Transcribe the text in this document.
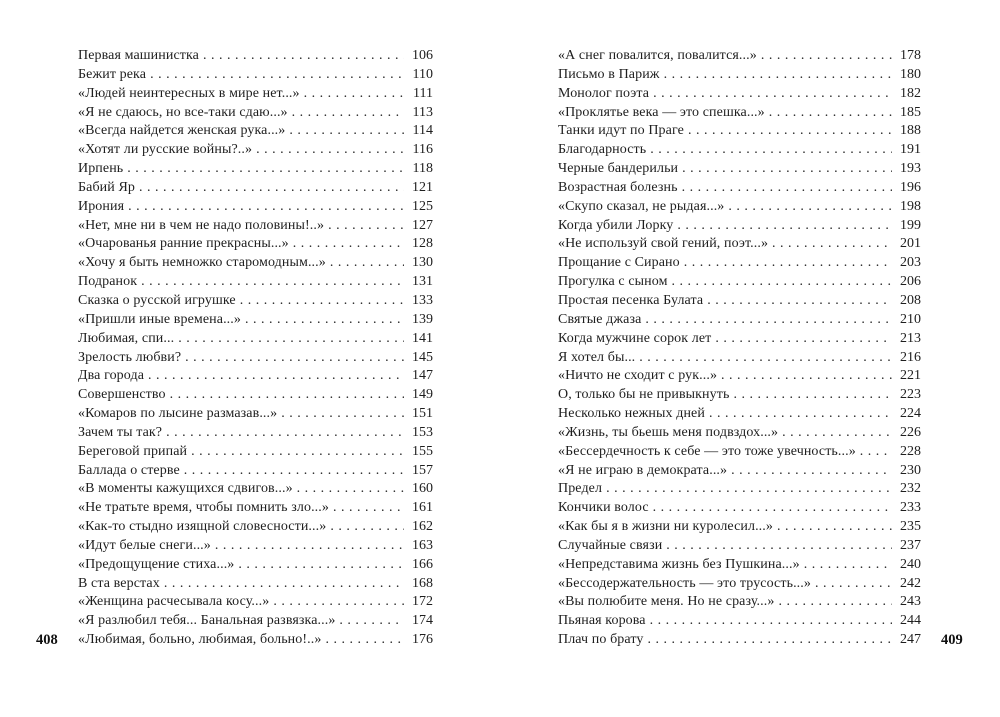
Первая машинистка .....	106
Бежит река .....	110
«Людей неинтересных в мире нет...» .....	111
«Я не сдаюсь, но все-таки сдаю...» .....	113
«Всегда найдется женская рука...» .....	114
«Хотят ли русские войны?..» .....	116
Ирпень .....	118
Бабий Яр .....	121
Ирония .....	125
«Нет, мне ни в чем не надо половины!..» .....	127
«Очарованья ранние прекрасны...» .....	128
«Хочу я быть немножко старомодным...» .....	130
Подранок .....	131
Сказка о русской игрушке .....	133
«Пришли иные времена...» .....	139
Любимая, спи... .....	141
Зрелость любви? .....	145
Два города .....	147
Совершенство .....	149
«Комаров по лысине размазав...» .....	151
Зачем ты так? .....	153
Береговой припай .....	155
Баллада о стерве .....	157
«В моменты кажущихся сдвигов...» .....	160
«Не тратьте время, чтобы помнить зло...» .....	161
«Как-то стыдно изящной словесности...» .....	162
«Идут белые снеги...» .....	163
«Предощущение стиха...» .....	166
В ста верстах .....	168
«Женщина расчесывала косу...» .....	172
«Я разлюбил тебя... Банальная развязка...» .....	174
«Любимая, больно, любимая, больно!..» .....	176
408
«А снег повалится, повалится...» .....	178
Письмо в Париж .....	180
Монолог поэта .....	182
«Проклятье века — это спешка...» .....	185
Танки идут по Праге .....	188
Благодарность .....	191
Черные бандерильи .....	193
Возрастная болезнь .....	196
«Скупо сказал, не рыдая...» .....	198
Когда убили Лорку .....	199
«Не используй свой гений, поэт...» .....	201
Прощание с Сирано .....	203
Прогулка с сыном .....	206
Простая песенка Булата .....	208
Святые джаза .....	210
Когда мужчине сорок лет .....	213
Я хотел бы... .....	216
«Ничто не сходит с рук...» .....	221
О, только бы не привыкнуть .....	223
Несколько нежных дней .....	224
«Жизнь, ты бьешь меня подвздох...» .....	226
«Бессердечность к себе — это тоже увечность...» .....	228
«Я не играю в демократа...» .....	230
Предел .....	232
Кончики волос .....	233
«Как бы я в жизни ни куролесил...» .....	235
Случайные связи .....	237
«Непредставима жизнь без Пушкина...» .....	240
«Бессодержательность — это трусость...» .....	242
«Вы полюбите меня. Но не сразу...» .....	243
Пьяная корова .....	244
Плач по брату .....	247 409
